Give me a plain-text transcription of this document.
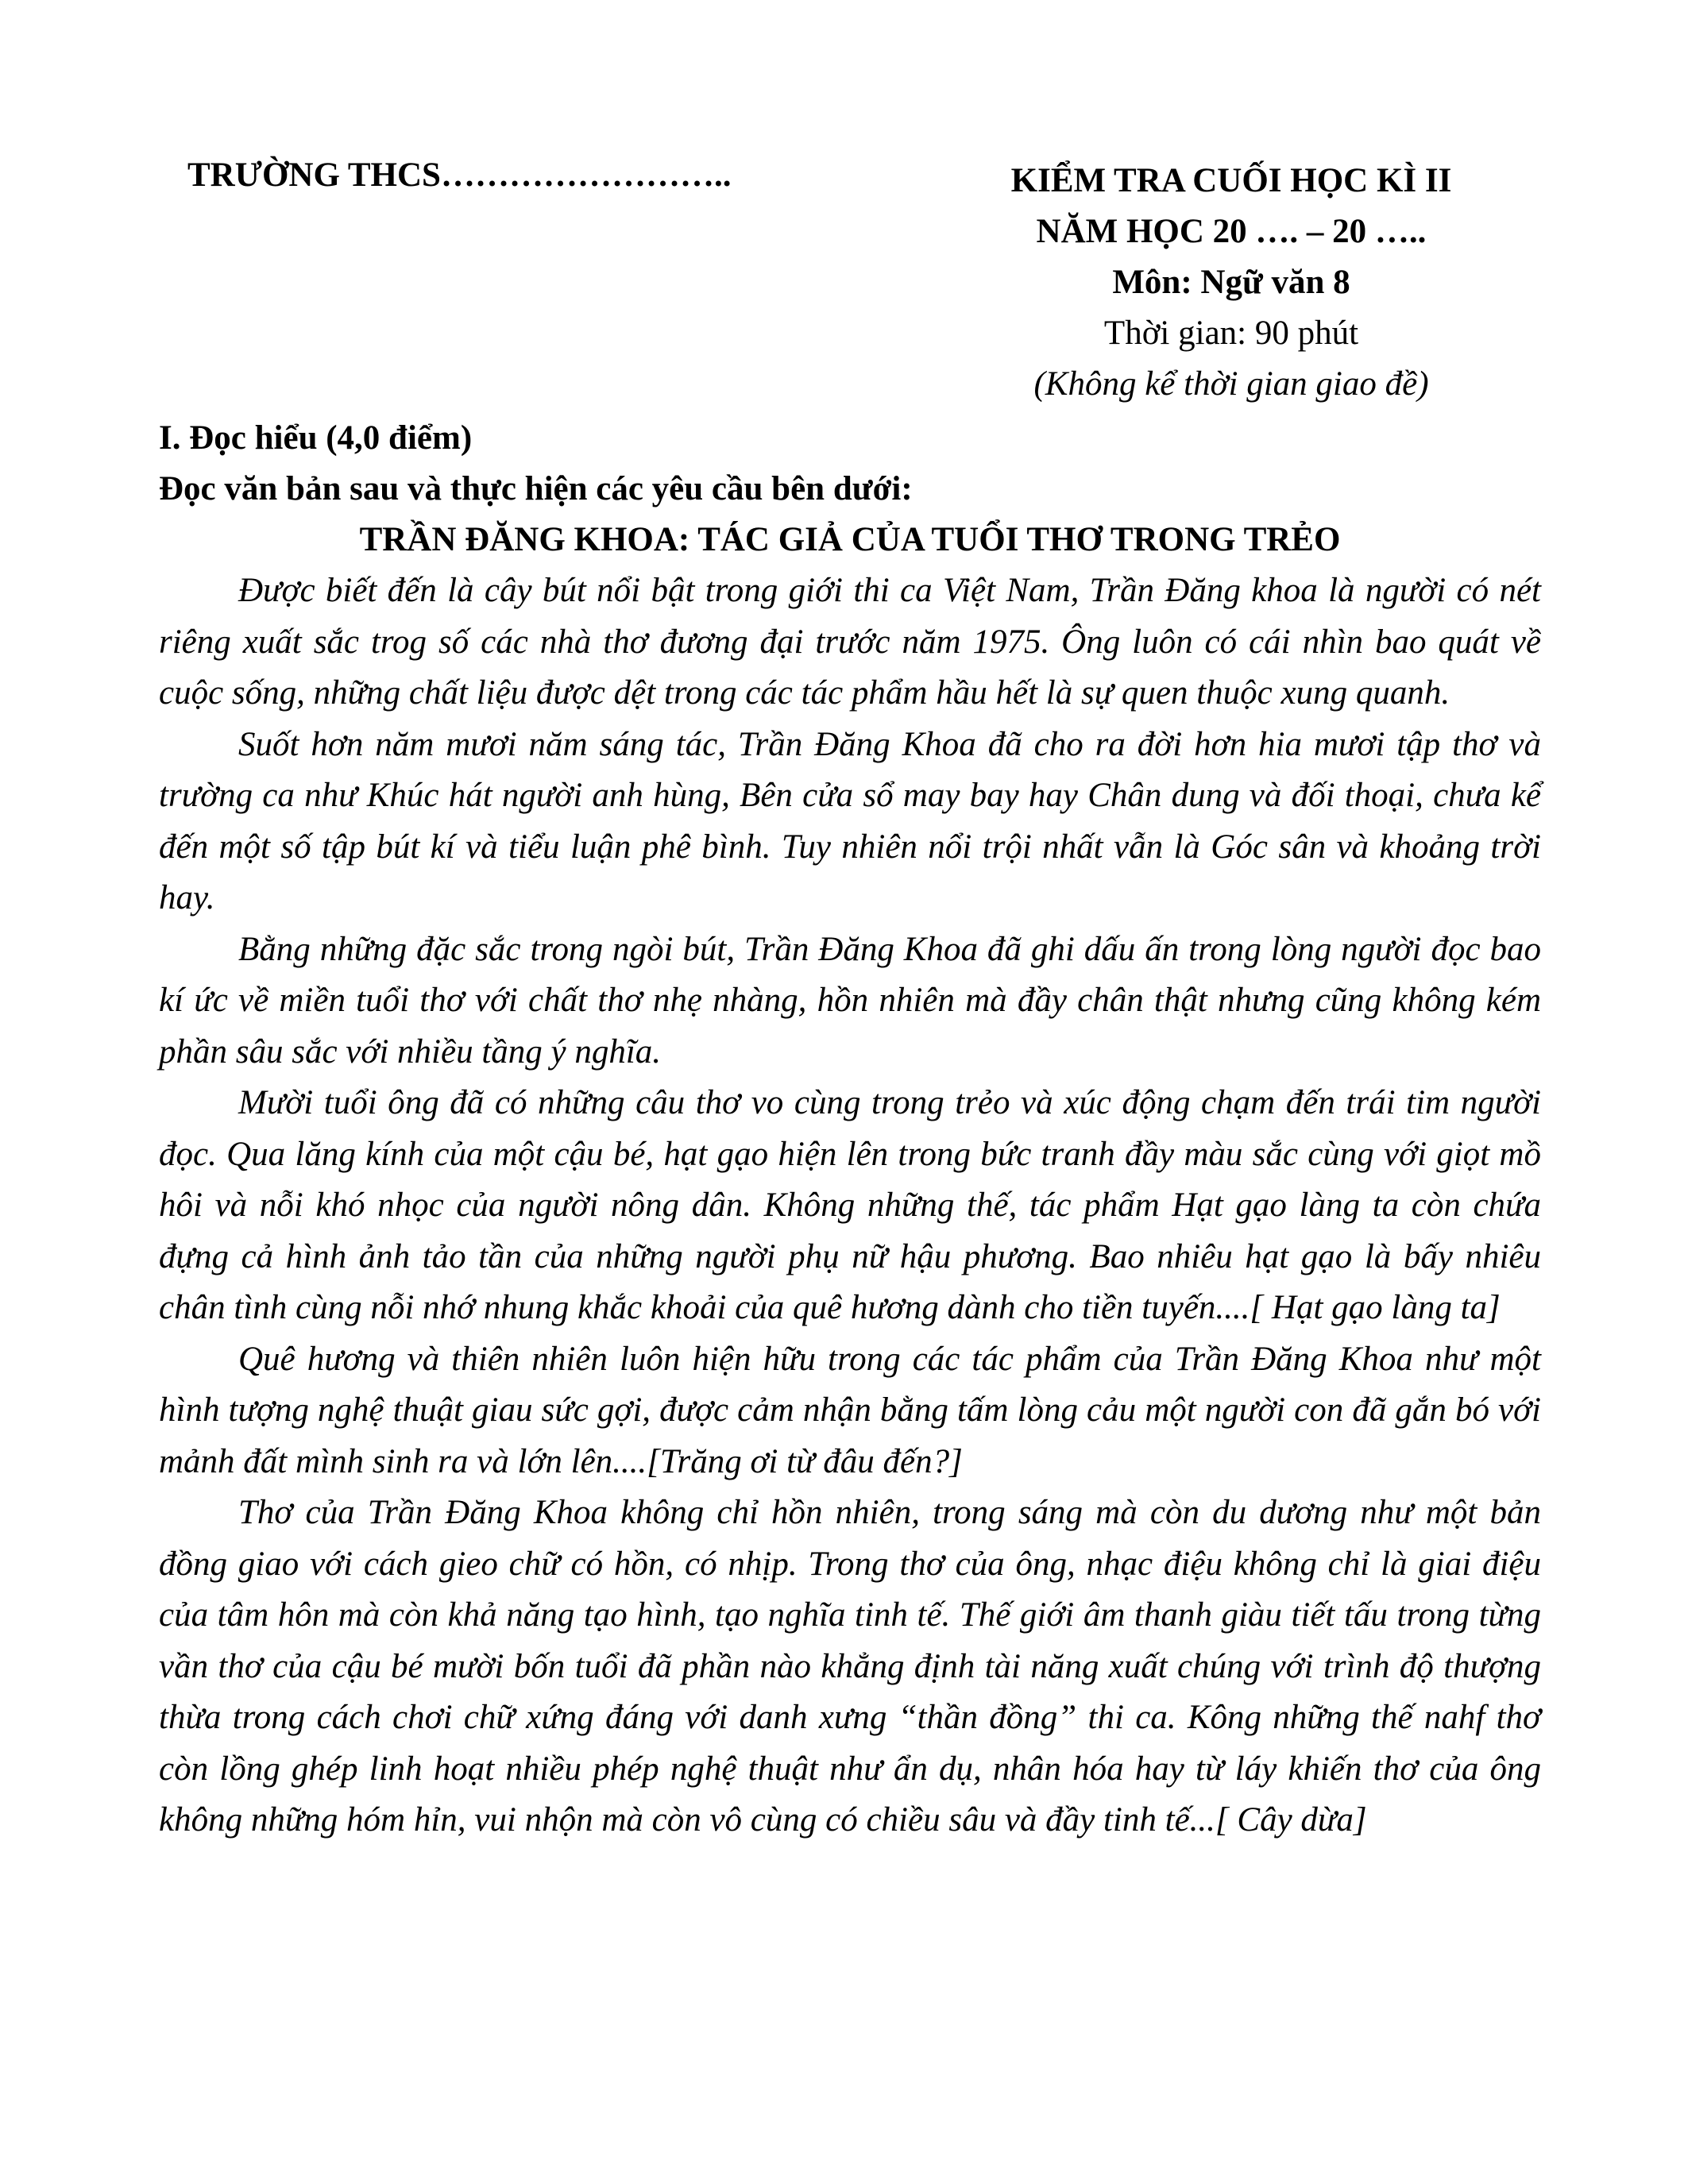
TRƯỜNG THCS……………………..	KIỂM TRA CUỐI HỌC KÌ II
NĂM HỌC 20 …. – 20 …..
Môn: Ngữ văn 8
Thời gian: 90 phút
(Không kể thời gian giao đề)
I. Đọc hiểu (4,0 điểm)
Đọc văn bản sau và thực hiện các yêu cầu bên dưới:
TRẦN ĐĂNG KHOA: TÁC GIẢ CỦA TUỔI THƠ TRONG TRẺO

Được biết đến là cây bút nổi bật trong giới thi ca Việt Nam, Trần Đăng khoa là người có nét riêng xuất sắc trog số các nhà thơ đương đại trước năm 1975. Ông luôn có cái nhìn bao quát về cuộc sống, những chất liệu được dệt trong các tác phẩm hầu hết là sự quen thuộc xung quanh.

Suốt hơn năm mươi năm sáng tác, Trần Đăng Khoa đã cho ra đời hơn hia mươi tập thơ và trường ca như Khúc hát người anh hùng, Bên cửa sổ may bay hay Chân dung và đối thoại, chưa kể đến một số tập bút kí và tiểu luận phê bình. Tuy nhiên nổi trội nhất vẫn là Góc sân và khoảng trời hay.

Bằng những đặc sắc trong ngòi bút, Trần Đăng Khoa đã ghi dấu ấn trong lòng người đọc bao kí ức về miền tuổi thơ với chất thơ nhẹ nhàng, hồn nhiên mà đầy chân thật nhưng cũng không kém phần sâu sắc với nhiều tầng ý nghĩa.

Mười tuổi ông đã có những câu thơ vo cùng trong trẻo và xúc động chạm đến trái tim người đọc. Qua lăng kính của một cậu bé, hạt gạo hiện lên trong bức tranh đầy màu sắc cùng với giọt mồ hôi và nỗi khó nhọc của người nông dân. Không những thế, tác phẩm Hạt gạo làng ta còn chứa đựng cả hình ảnh tảo tần của những người phụ nữ hậu phương. Bao nhiêu hạt gạo là bấy nhiêu chân tình cùng nỗi nhớ nhung khắc khoải của quê hương dành cho tiền tuyến....[ Hạt gạo làng ta]

Quê hương và thiên nhiên luôn hiện hữu trong các tác phẩm của Trần Đăng Khoa như một hình tượng nghệ thuật giau sức gợi, được cảm nhận bằng tấm lòng cảu một người con đã gắn bó với mảnh đất mình sinh ra và lớn lên....[Trăng ơi từ đâu đến?]

Thơ của Trần Đăng Khoa không chỉ hồn nhiên, trong sáng mà còn du dương như một bản đồng giao với cách gieo chữ có hồn, có nhịp. Trong thơ của ông, nhạc điệu không chỉ là giai điệu của tâm hôn mà còn khả năng tạo hình, tạo nghĩa tinh tế. Thế giới âm thanh giàu tiết tấu trong từng vần thơ của cậu bé mười bốn tuổi đã phần nào khẳng định tài năng xuất chúng với trình độ thượng thừa trong cách chơi chữ xứng đáng với danh xưng “thần đồng” thi ca. Kông những thế nahf thơ còn lồng ghép linh hoạt nhiều phép nghệ thuật như ẩn dụ, nhân hóa hay từ láy khiến thơ của ông không những hóm hỉn, vui nhộn mà còn vô cùng có chiều sâu và đầy tinh tế...[ Cây dừa]
